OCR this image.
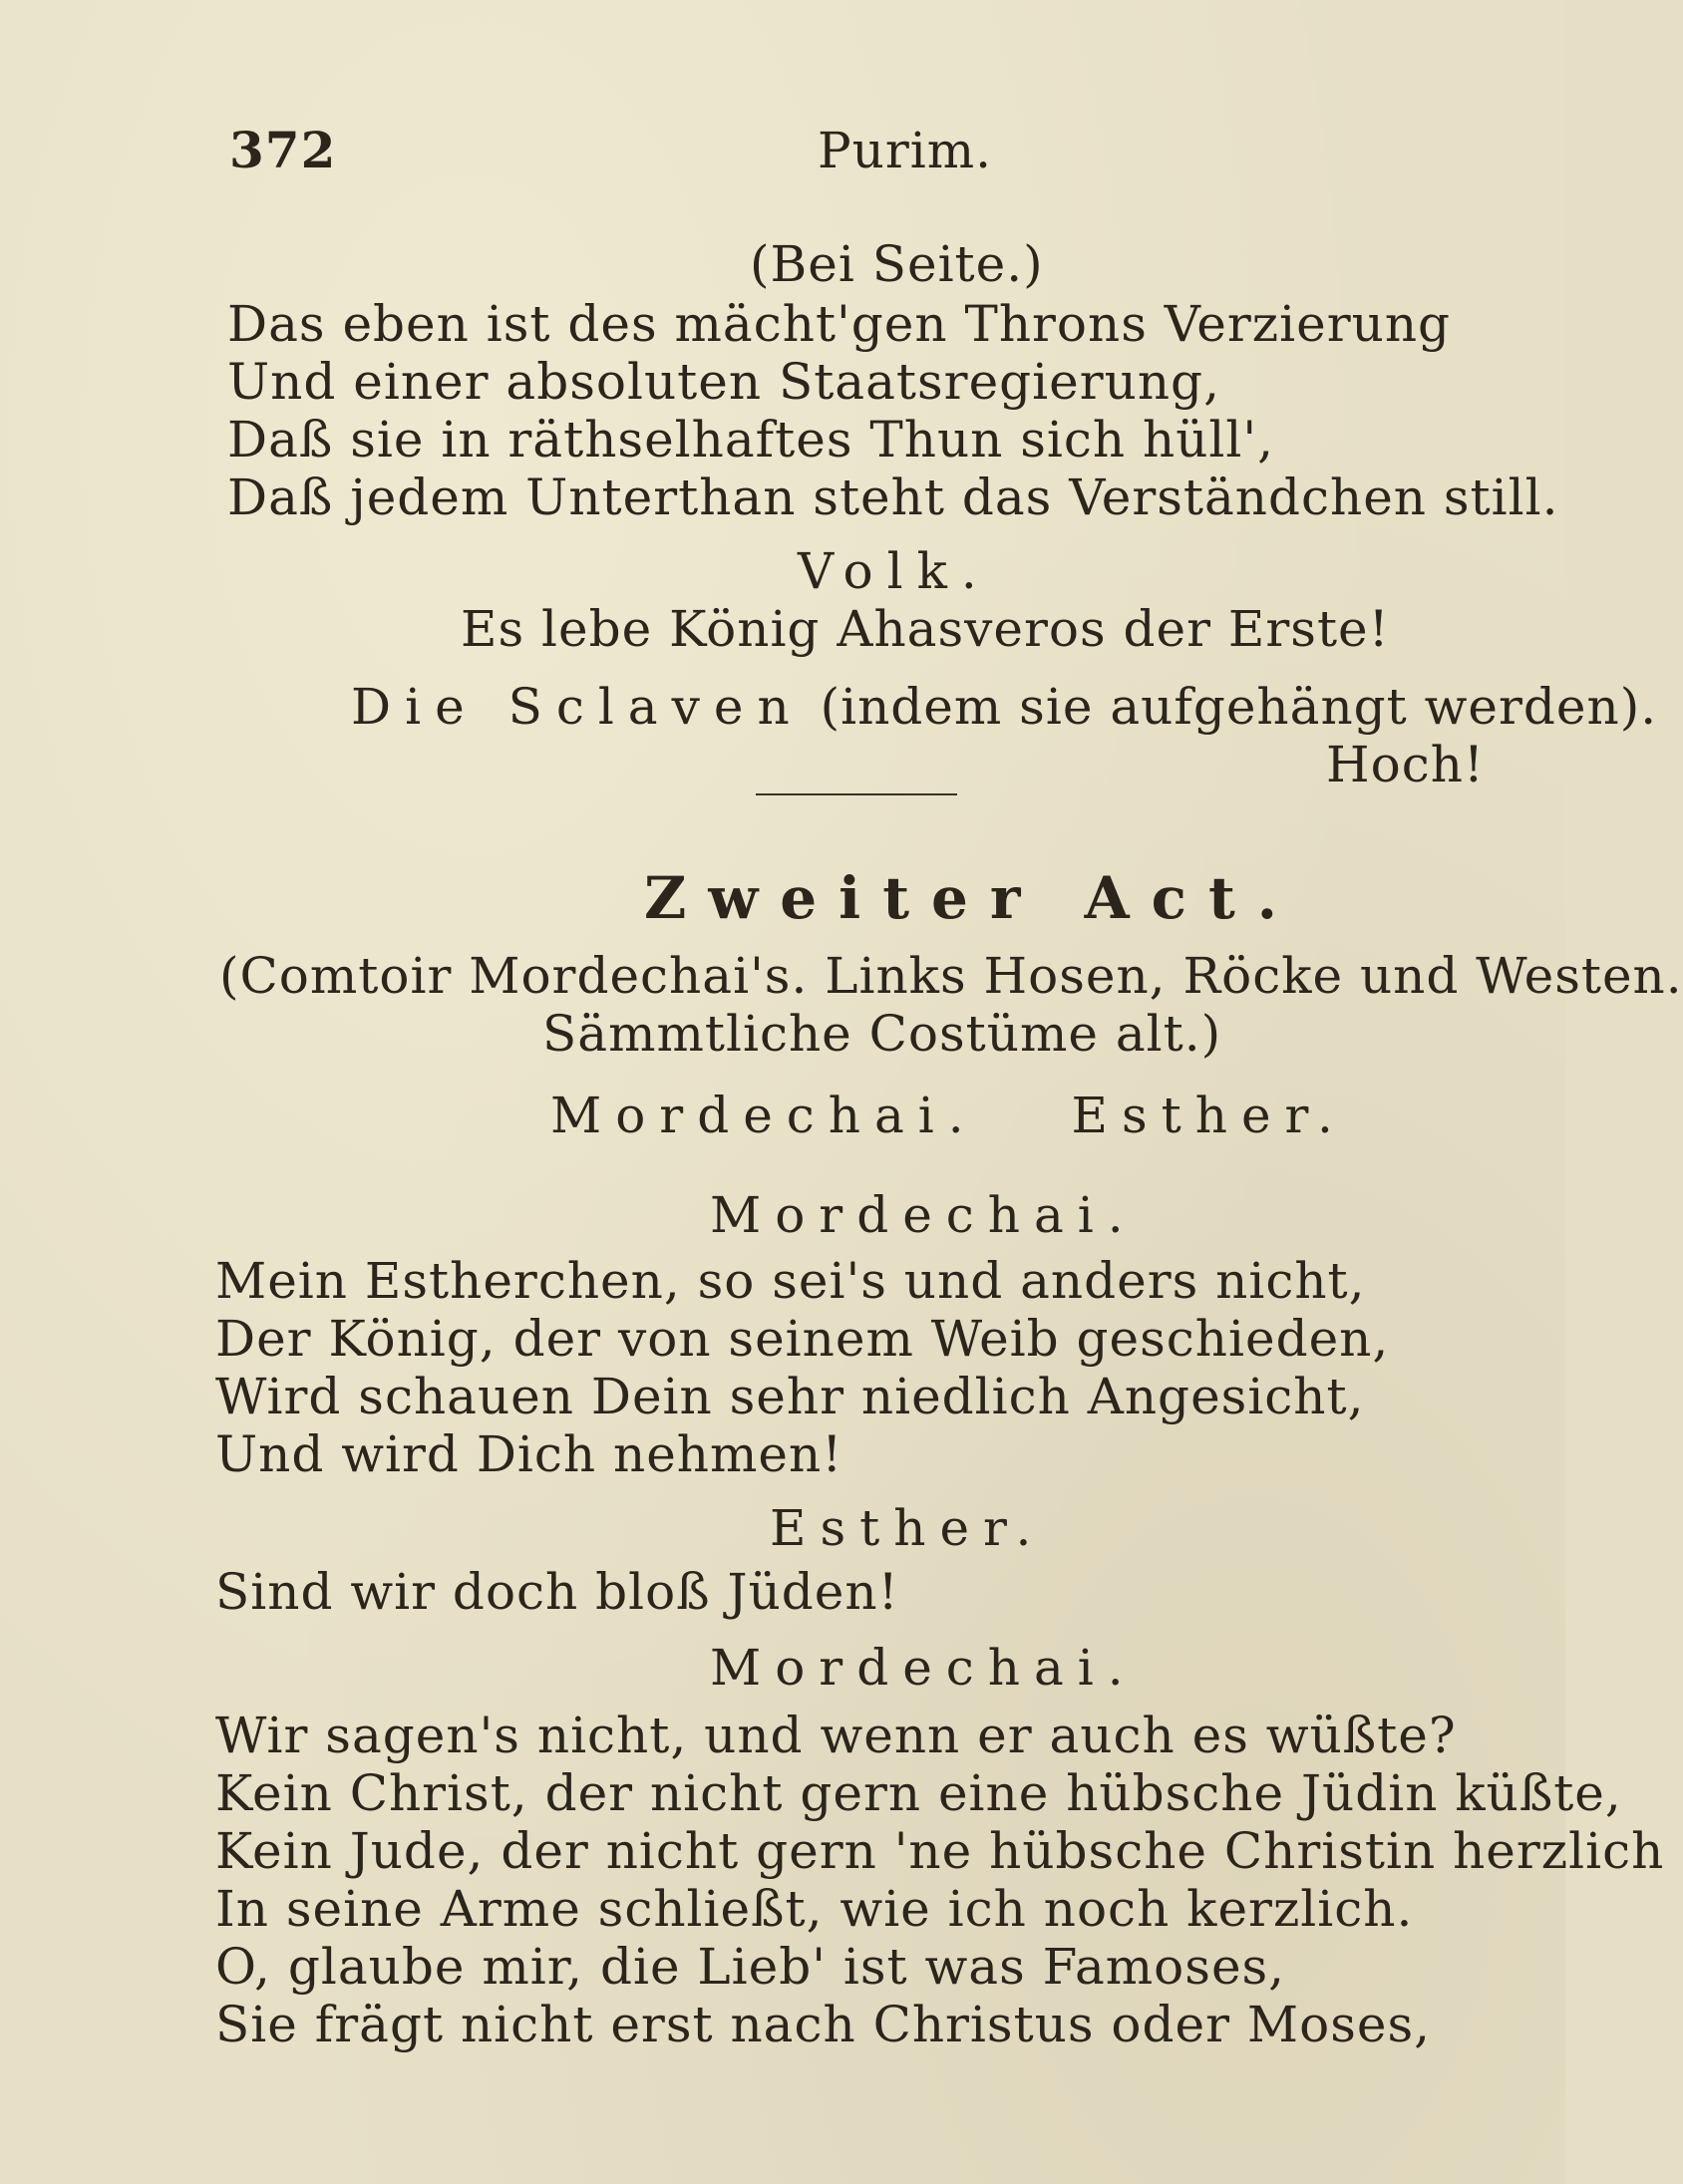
372	Purim.
(Bei Seite.)
Das eben ist des mächt'gen Throns Verzierung
Und einer absoluten Staatsregierung,
Daß sie in räthselhaftes Thun sich hüll',
Daß jedem Unterthan steht das Verständchen still.
Volk.
Es lebe König Ahasveros der Erste!
Die Sclaven (indem sie aufgehängt werden).
Hoch!
Zweiter Act.
(Comtoir Mordechai's. Links Hosen, Röcke und Westen.
Sämmtliche Costüme alt.)
Mordechai. Esther.
Mordechai.
Mein Estherchen, so sei's und anders nicht,
Der König, der von seinem Weib geschieden,
Wird schauen Dein sehr niedlich Angesicht,
Und wird Dich nehmen!
Esther.
Sind wir doch bloß Jüden!
Mordechai.
Wir sagen's nicht, und wenn er auch es wüßte?
Kein Christ, der nicht gern eine hübsche Jüdin küßte,
Kein Jude, der nicht gern 'ne hübsche Christin herzlich
In seine Arme schließt, wie ich noch kerzlich.
O, glaube mir, die Lieb' ist was Famoses,
Sie frägt nicht erst nach Christus oder Moses,
